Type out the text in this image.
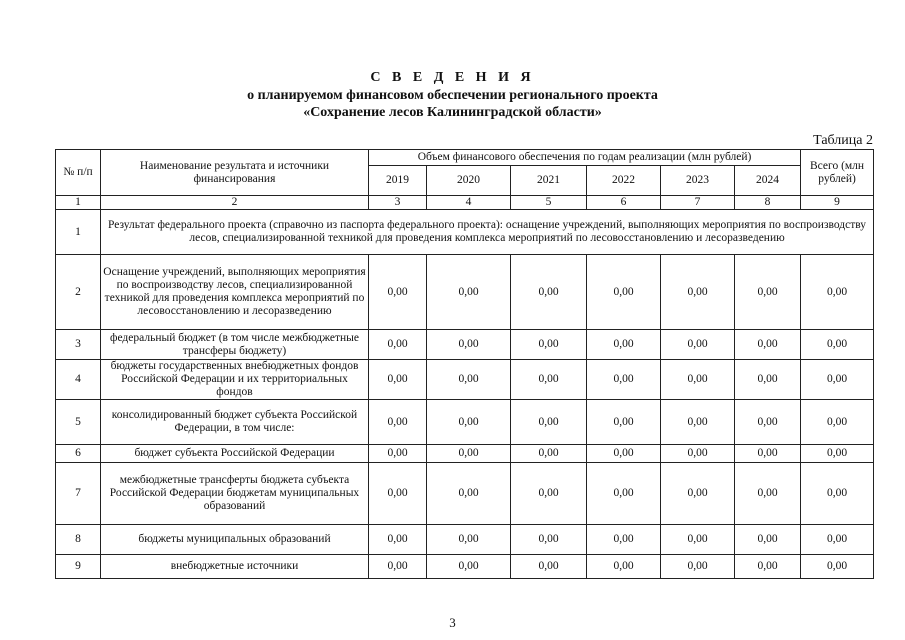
С В Е Д Е Н И Я
о планируемом финансовом обеспечении регионального проекта
«Сохранение лесов Калининградской области»
Таблица 2
№ п/п	Наименование результата и источники финансирования	Объем финансового обеспечения по годам реализации (млн рублей)						Всего (млн рублей)
		2019	2020	2021	2022	2023	2024	
1	2	3	4	5	6	7	8	9
1	Результат федерального проекта (справочно из паспорта федерального проекта): оснащение учреждений, выполняющих мероприятия по воспроизводству лесов, специализированной техникой для проведения комплекса мероприятий по лесовосстановлению и лесоразведению							
2	Оснащение учреждений, выполняющих мероприятия по воспроизводству лесов, специализированной техникой для проведения комплекса мероприятий по лесовосстановлению и лесоразведению	0,00	0,00	0,00	0,00	0,00	0,00	0,00
3	федеральный бюджет (в том числе межбюджетные трансферы бюджету)	0,00	0,00	0,00	0,00	0,00	0,00	0,00
4	бюджеты государственных внебюджетных фондов Российской Федерации и их территориальных фондов	0,00	0,00	0,00	0,00	0,00	0,00	0,00
5	консолидированный бюджет субъекта Российской Федерации, в том числе:	0,00	0,00	0,00	0,00	0,00	0,00	0,00
6	бюджет субъекта Российской Федерации	0,00	0,00	0,00	0,00	0,00	0,00	0,00
7	межбюджетные трансферты бюджета субъекта Российской Федерации бюджетам муниципальных образований	0,00	0,00	0,00	0,00	0,00	0,00	0,00
8	бюджеты муниципальных образований	0,00	0,00	0,00	0,00	0,00	0,00	0,00
9	внебюджетные источники	0,00	0,00	0,00	0,00	0,00	0,00	0,00
3
